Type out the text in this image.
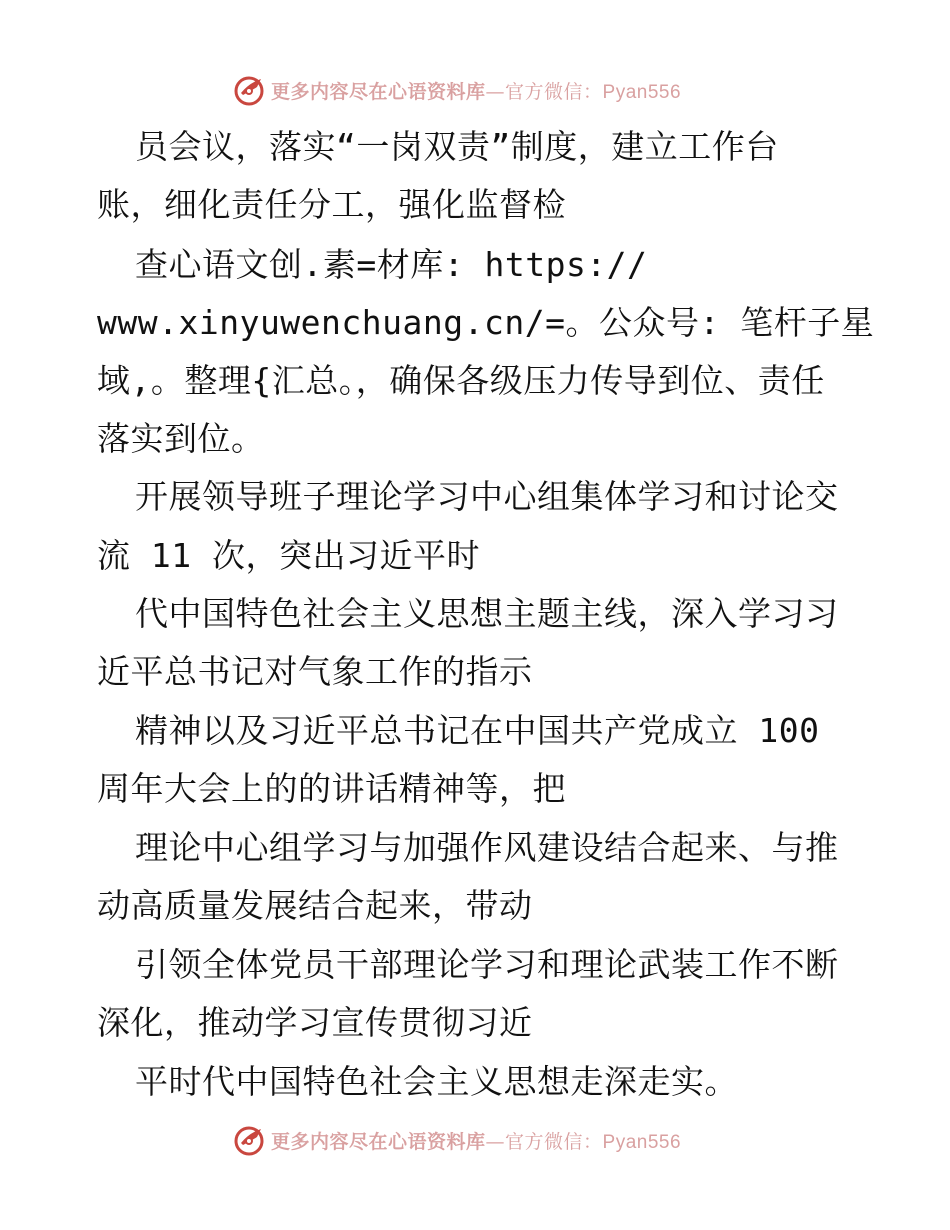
更多内容尽在心语资料库—官方微信：Pyan556
员会议，落实“一岗双责”制度，建立工作台
账，细化责任分工，强化监督检
查心语文创.素=材库: https://
www.xinyuwenchuang.cn/=。公众号: 笔杆子星
域,。整理{汇总。，确保各级压力传导到位、责任
落实到位。
开展领导班子理论学习中心组集体学习和讨论交
流 11 次，突出习近平时
代中国特色社会主义思想主题主线，深入学习习
近平总书记对气象工作的指示
精神以及习近平总书记在中国共产党成立 100
周年大会上的的讲话精神等，把
理论中心组学习与加强作风建设结合起来、与推
动高质量发展结合起来，带动
引领全体党员干部理论学习和理论武装工作不断
深化，推动学习宣传贯彻习近
平时代中国特色社会主义思想走深走实。
更多内容尽在心语资料库—官方微信：Pyan556
